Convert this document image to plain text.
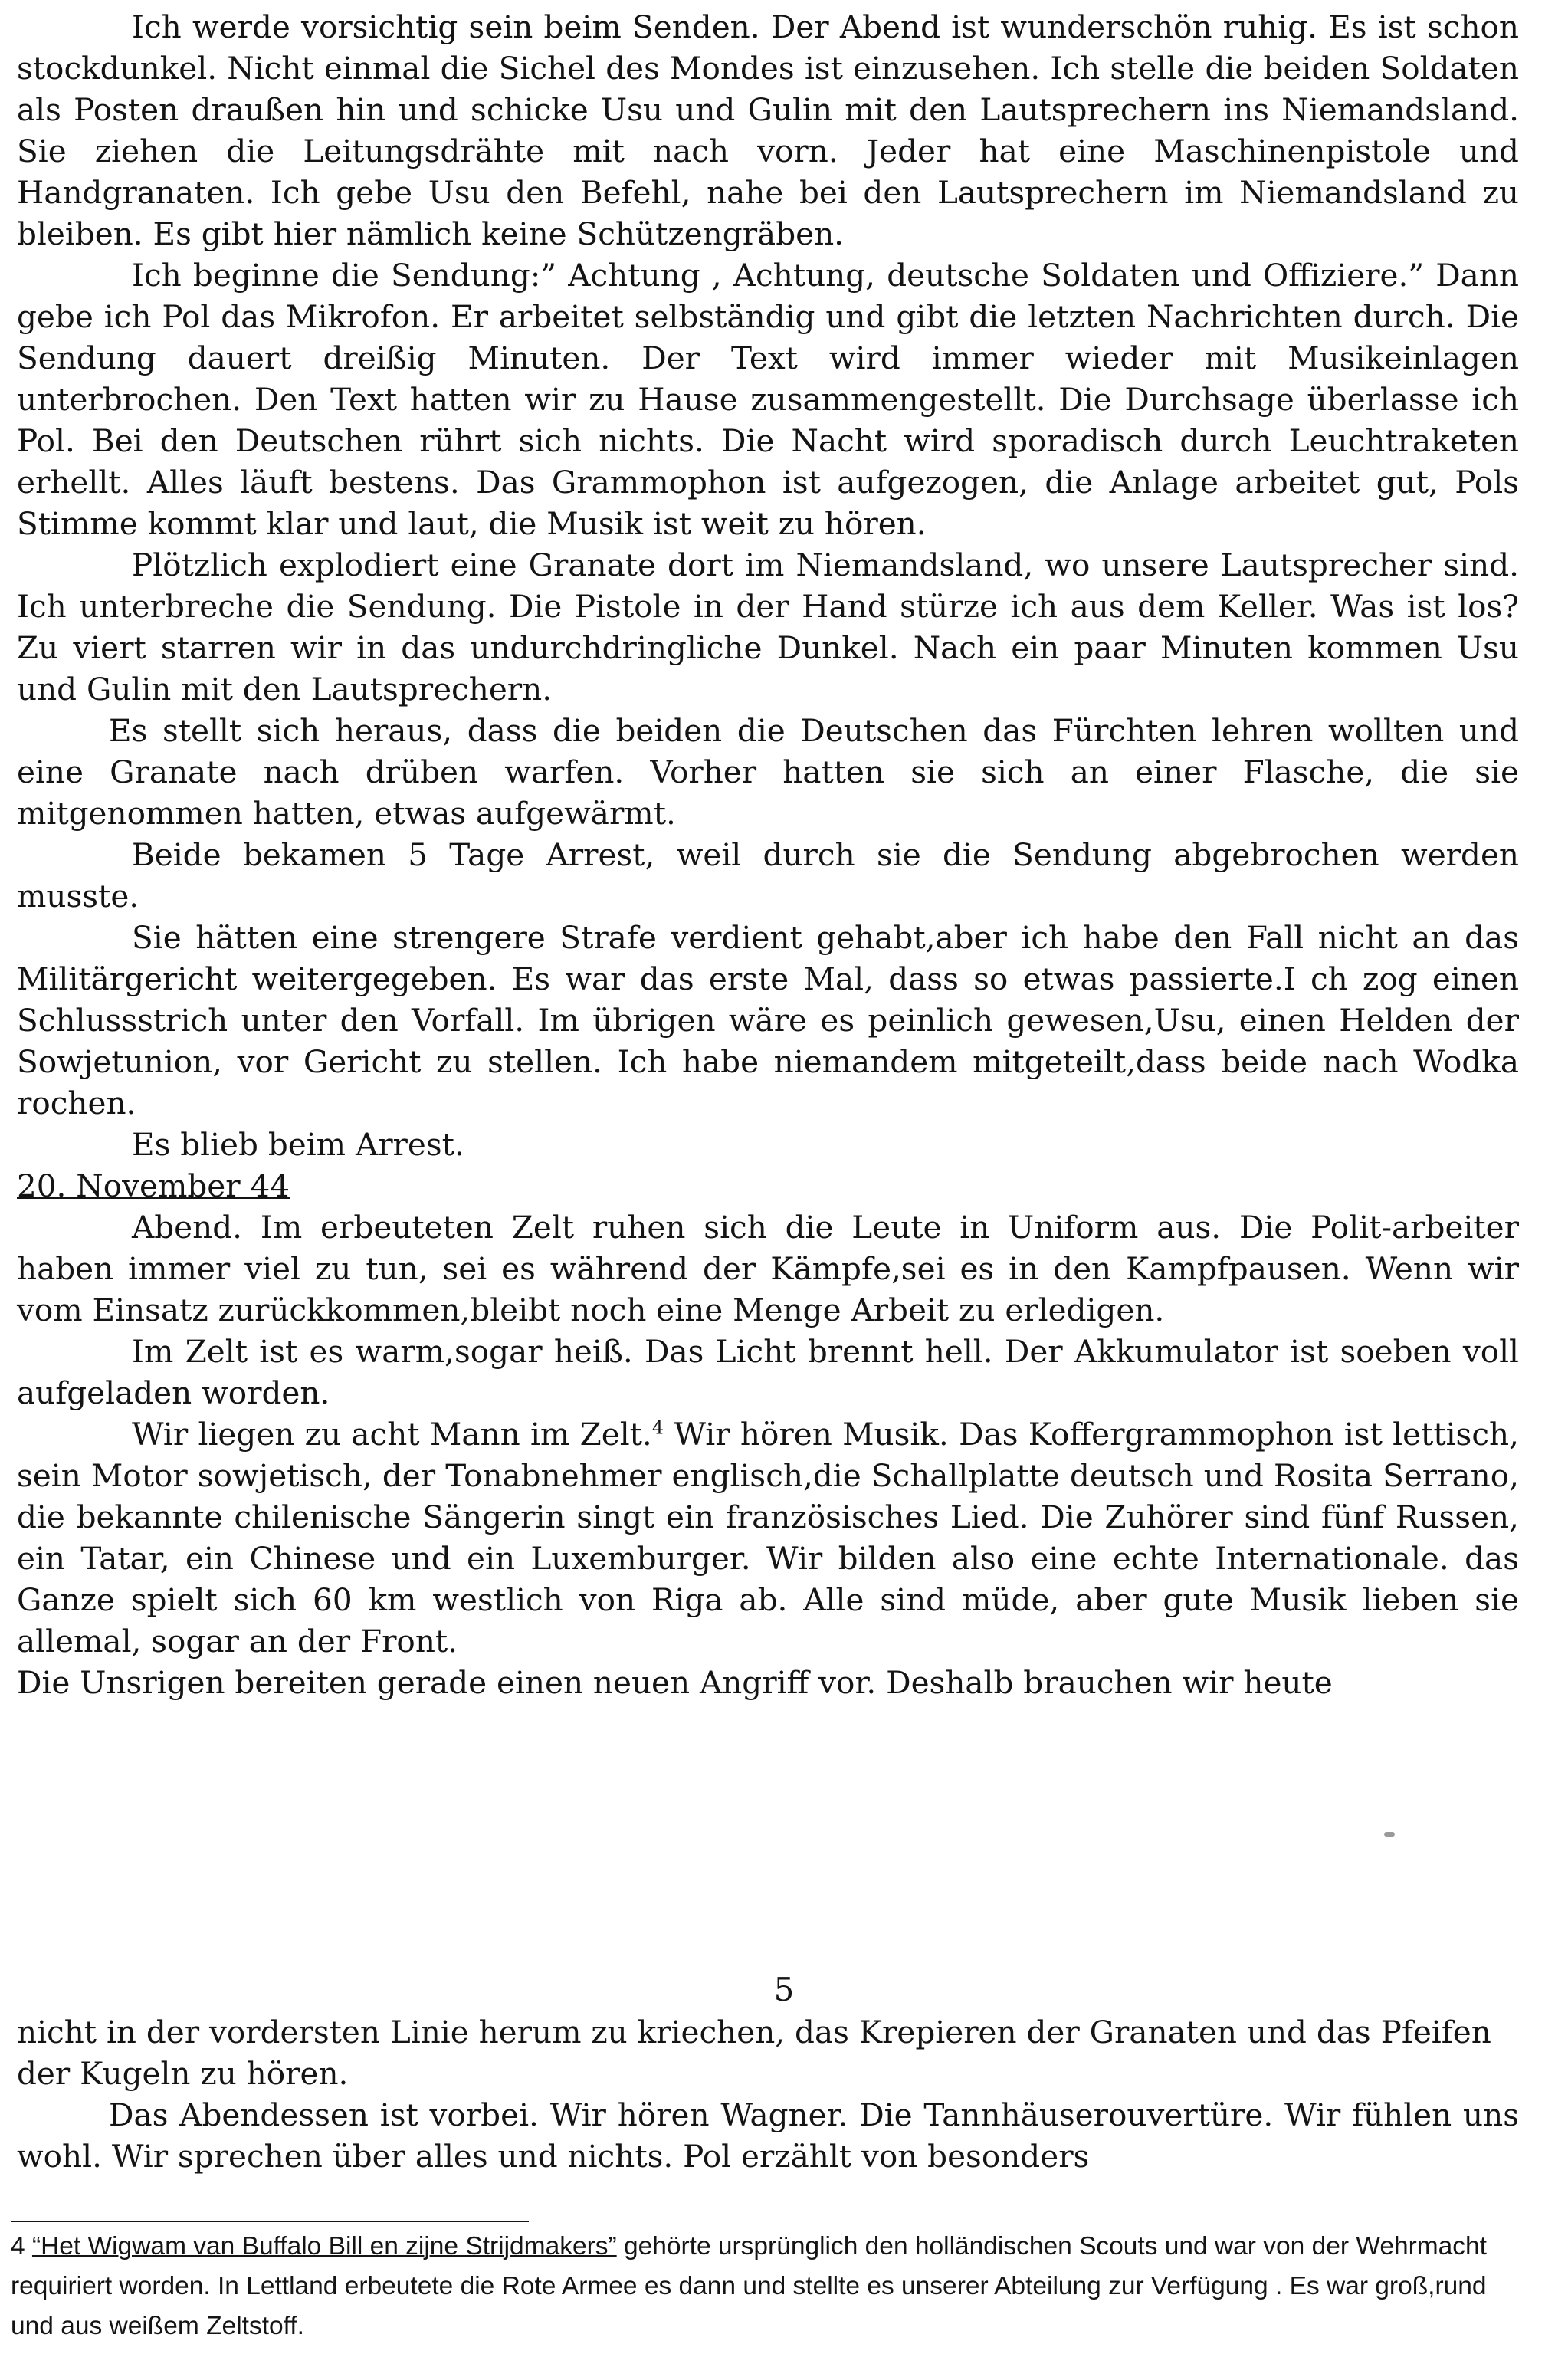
Ich werde vorsichtig sein beim Senden. Der Abend ist wunderschön ruhig. Es ist schon stockdunkel. Nicht einmal die Sichel des Mondes ist einzusehen. Ich stelle die beiden Soldaten als Posten draußen hin und schicke Usu und Gulin mit den Lautsprechern ins Niemandsland. Sie ziehen die Leitungsdrähte mit nach vorn. Jeder hat eine Maschinenpistole und Handgranaten. Ich gebe Usu den Befehl, nahe bei den Lautsprechern im Niemandsland zu bleiben. Es gibt hier nämlich keine Schützengräben.

Ich beginne die Sendung:” Achtung , Achtung, deutsche Soldaten und Offiziere.” Dann gebe ich Pol das Mikrofon. Er arbeitet selbständig und gibt die letzten Nachrichten durch. Die Sendung dauert dreißig Minuten. Der Text wird immer wieder mit Musikeinlagen unterbrochen. Den Text hatten wir zu Hause zusammengestellt. Die Durchsage überlasse ich Pol. Bei den Deutschen rührt sich nichts. Die Nacht wird sporadisch durch Leuchtraketen erhellt. Alles läuft bestens. Das Grammophon ist aufgezogen, die Anlage arbeitet gut, Pols Stimme kommt klar und laut, die Musik ist weit zu hören.

Plötzlich explodiert eine Granate dort im Niemandsland, wo unsere Lautsprecher sind. Ich unterbreche die Sendung. Die Pistole in der Hand stürze ich aus dem Keller. Was ist los? Zu viert starren wir in das undurchdringliche Dunkel. Nach ein paar Minuten kommen Usu und Gulin mit den Lautsprechern.

Es stellt sich heraus, dass die beiden die Deutschen das Fürchten lehren wollten und eine Granate nach drüben warfen. Vorher hatten sie sich an einer Flasche, die sie mitgenommen hatten, etwas aufgewärmt.

Beide bekamen 5 Tage Arrest, weil durch sie die Sendung abgebrochen werden musste.

Sie hätten eine strengere Strafe verdient gehabt,aber ich habe den Fall nicht an das Militärgericht weitergegeben. Es war das erste Mal, dass so etwas passierte.I ch zog einen Schlussstrich unter den Vorfall. Im übrigen wäre es peinlich gewesen,Usu, einen Helden der Sowjetunion, vor Gericht zu stellen. Ich habe niemandem mitgeteilt,dass beide nach Wodka rochen.

Es blieb beim Arrest.

20. November 44

Abend. Im erbeuteten Zelt ruhen sich die Leute in Uniform aus. Die Polit-arbeiter haben immer viel zu tun, sei es während der Kämpfe,sei es in den Kampfpausen. Wenn wir vom Einsatz zurückkommen,bleibt noch eine Menge Arbeit zu erledigen.

Im Zelt ist es warm,sogar heiß. Das Licht brennt hell. Der Akkumulator ist soeben voll aufgeladen worden.

Wir liegen zu acht Mann im Zelt.$^4$ Wir hören Musik. Das Koffergrammophon ist lettisch, sein Motor sowjetisch, der Tonabnehmer englisch,die Schallplatte deutsch und Rosita Serrano, die bekannte chilenische Sängerin singt ein französisches Lied. Die Zuhörer sind fünf Russen, ein Tatar, ein Chinese und ein Luxemburger. Wir bilden also eine echte Internationale. das Ganze spielt sich 60 km westlich von Riga ab. Alle sind müde, aber gute Musik lieben sie allemal, sogar an der Front.

Die Unsrigen bereiten gerade einen neuen Angriff vor. Deshalb brauchen wir heute

5

nicht in der vordersten Linie herum zu kriechen, das Krepieren der Granaten und das Pfeifen der Kugeln zu hören.

Das Abendessen ist vorbei. Wir hören Wagner. Die Tannhäuserouvertüre. Wir fühlen uns wohl. Wir sprechen über alles und nichts. Pol erzählt von besonders

4 “Het Wigwam van Buffalo Bill en zijne Strijdmakers” gehörte ursprünglich den holländischen Scouts und war von der Wehrmacht requiriert worden. In Lettland erbeutete die Rote Armee es dann und stellte es unserer Abteilung zur Verfügung . Es war groß,rund und aus weißem Zeltstoff.
